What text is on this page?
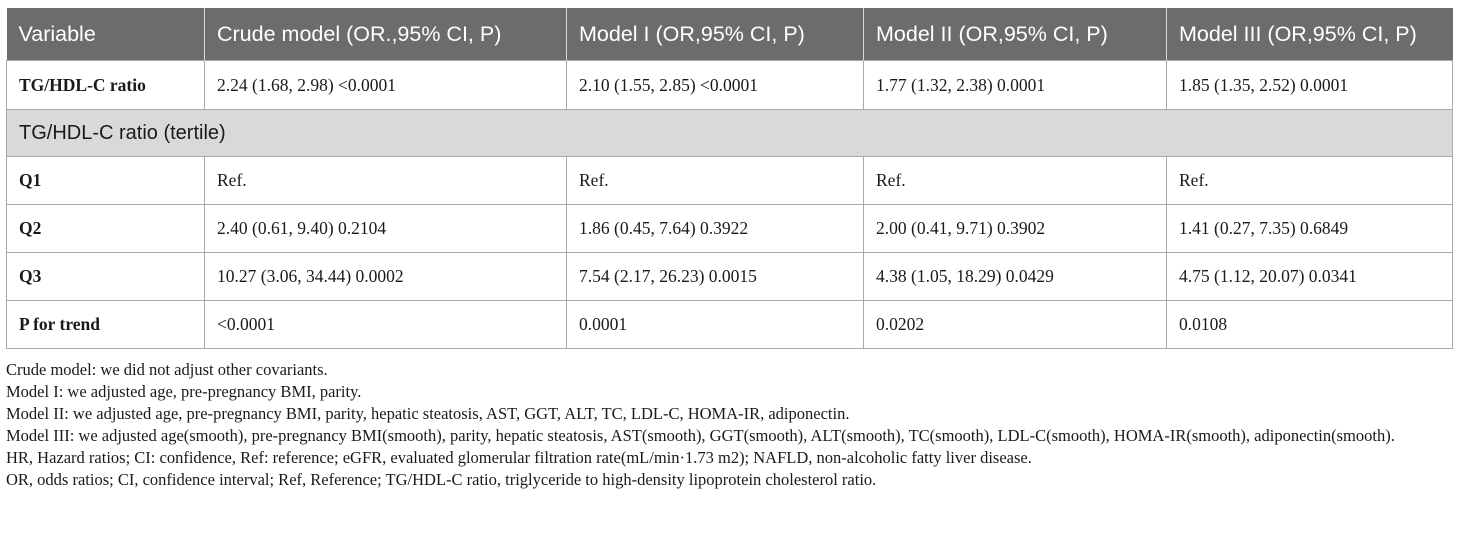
Variable	Crude model (OR.,95% CI, P)	Model I (OR,95% CI, P)	Model II (OR,95% CI, P)	Model III (OR,95% CI, P)
TG/HDL-C ratio	2.24 (1.68, 2.98) <0.0001	2.10 (1.55, 2.85) <0.0001	1.77 (1.32, 2.38) 0.0001	1.85 (1.35, 2.52) 0.0001
TG/HDL-C ratio (tertile)				
Q1	Ref.	Ref.	Ref.	Ref.
Q2	2.40 (0.61, 9.40) 0.2104	1.86 (0.45, 7.64) 0.3922	2.00 (0.41, 9.71) 0.3902	1.41 (0.27, 7.35) 0.6849
Q3	10.27 (3.06, 34.44) 0.0002	7.54 (2.17, 26.23) 0.0015	4.38 (1.05, 18.29) 0.0429	4.75 (1.12, 20.07) 0.0341
P for trend	<0.0001	0.0001	0.0202	0.0108

Crude model: we did not adjust other covariants.

Model I: we adjusted age, pre-pregnancy BMI, parity.

Model II: we adjusted age, pre-pregnancy BMI, parity, hepatic steatosis, AST, GGT, ALT, TC, LDL-C, HOMA-IR, adiponectin.

Model III: we adjusted age(smooth), pre-pregnancy BMI(smooth), parity, hepatic steatosis, AST(smooth), GGT(smooth), ALT(smooth), TC(smooth), LDL-C(smooth), HOMA-IR(smooth), adiponectin(smooth).

HR, Hazard ratios; CI: confidence, Ref: reference; eGFR, evaluated glomerular filtration rate(mL/min·1.73 m2); NAFLD, non-alcoholic fatty liver disease.

OR, odds ratios; CI, confidence interval; Ref, Reference; TG/HDL-C ratio, triglyceride to high-density lipoprotein cholesterol ratio.
